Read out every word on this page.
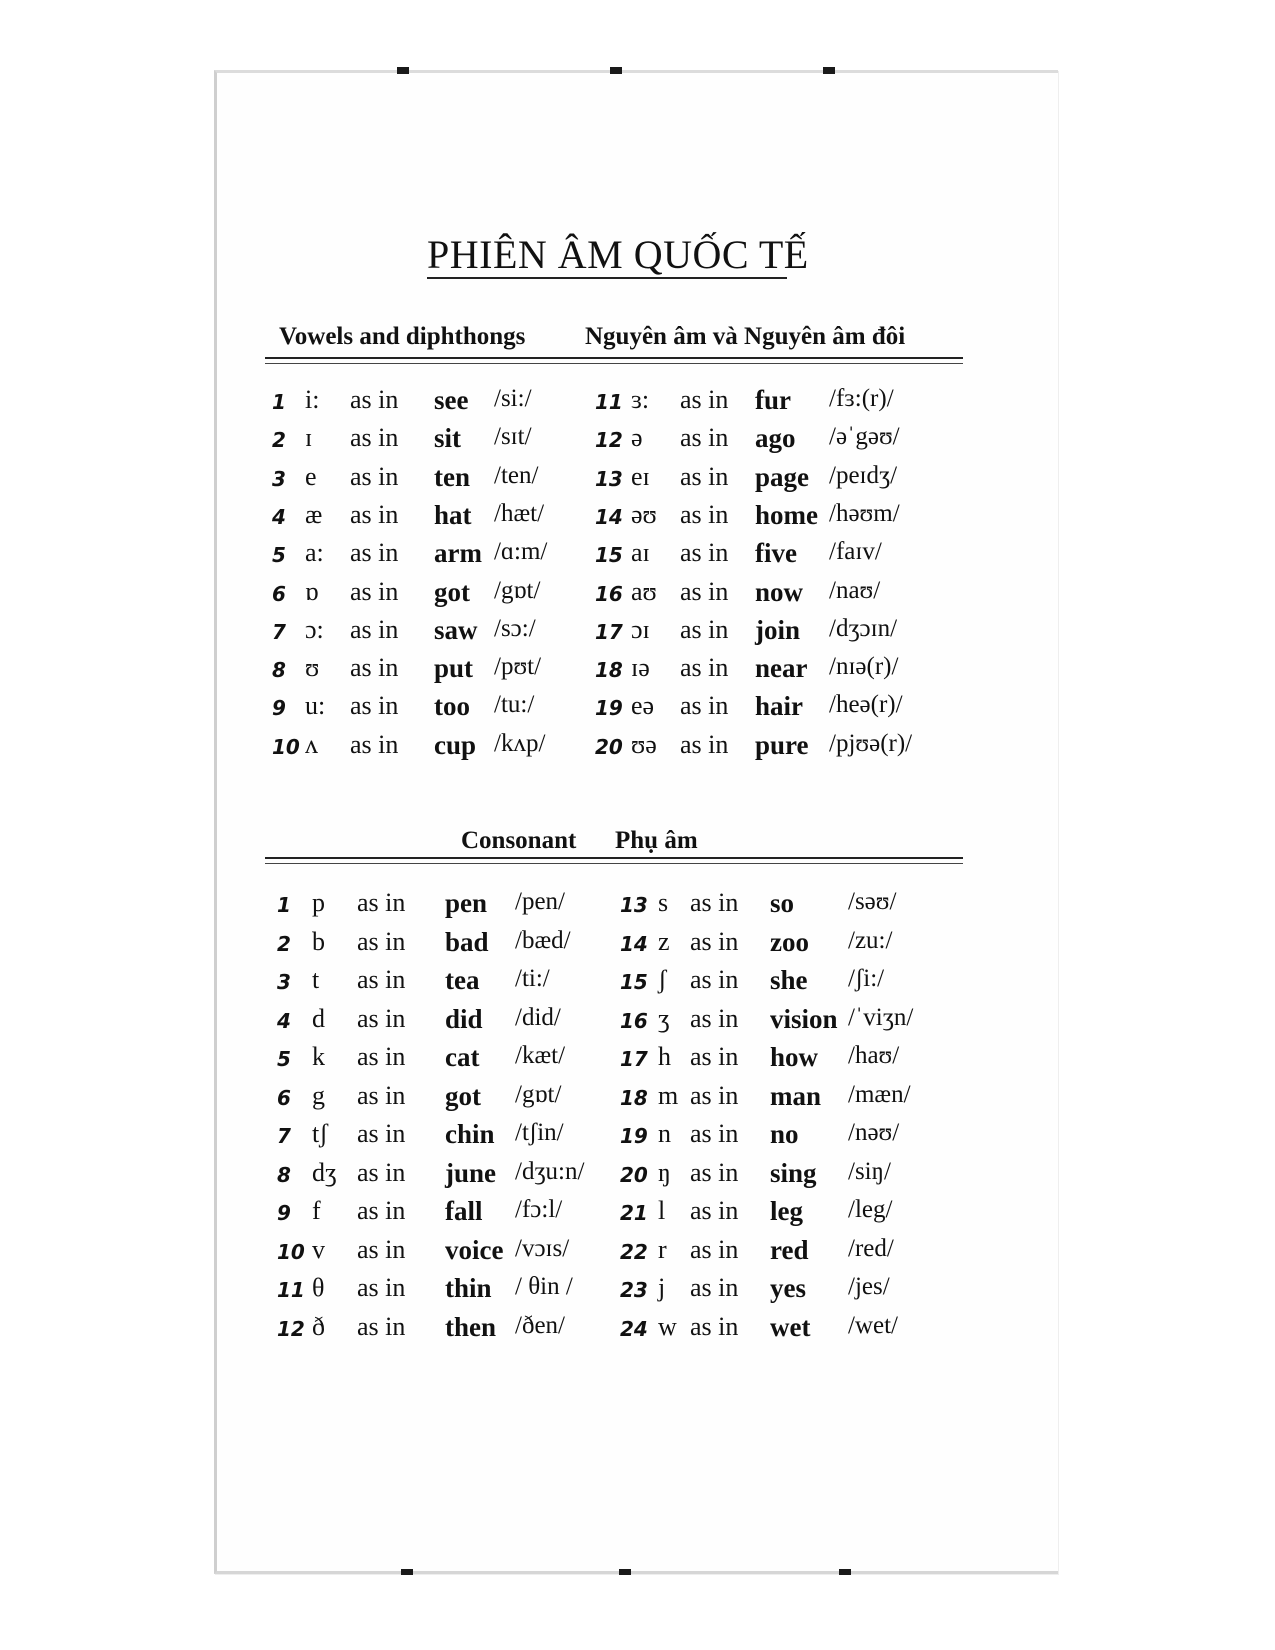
PHIÊN ÂM QUỐC TẾ
Vowels and diphthongs Nguyên âm và Nguyên âm đôi
1 i: as in see /si:/
2 ɪ as in sit /sɪt/
3 e as in ten /ten/
4 æ as in hat /hæt/
5 a: as in arm /ɑ:m/
6 ɒ as in got /gɒt/
7 ɔ: as in saw /sɔ:/
8 ʊ as in put /pʊt/
9 u: as in too /tu:/
10 ʌ as in cup /kʌp/
11 ɜ: as in fur /fɜ:(r)/
12 ə as in ago /əˈgəʊ/
13 eɪ as in page /peɪdʒ/
14 əʊ as in home /həʊm/
15 aɪ as in five /faɪv/
16 aʊ as in now /naʊ/
17 ɔɪ as in join /dʒɔɪn/
18 ɪə as in near /nɪə(r)/
19 eə as in hair /heə(r)/
20 ʊə as in pure /pjʊə(r)/
Consonant Phụ âm
1 p as in pen /pen/
2 b as in bad /bæd/
3 t as in tea /ti:/
4 d as in did /did/
5 k as in cat /kæt/
6 g as in got /gɒt/
7 tʃ as in chin /tʃin/
8 dʒ as in june /dʒu:n/
9 f as in fall /fɔ:l/
10 v as in voice /vɔɪs/
11 θ as in thin / θin /
12 ð as in then /ðen/
13 s as in so /səʊ/
14 z as in zoo /zu:/
15 ʃ as in she /ʃi:/
16 ʒ as in vision /ˈviʒn/
17 h as in how /haʊ/
18 m as in man /mæn/
19 n as in no /nəʊ/
20 ŋ as in sing /siŋ/
21 l as in leg /leg/
22 r as in red /red/
23 j as in yes /jes/
24 w as in wet /wet/
